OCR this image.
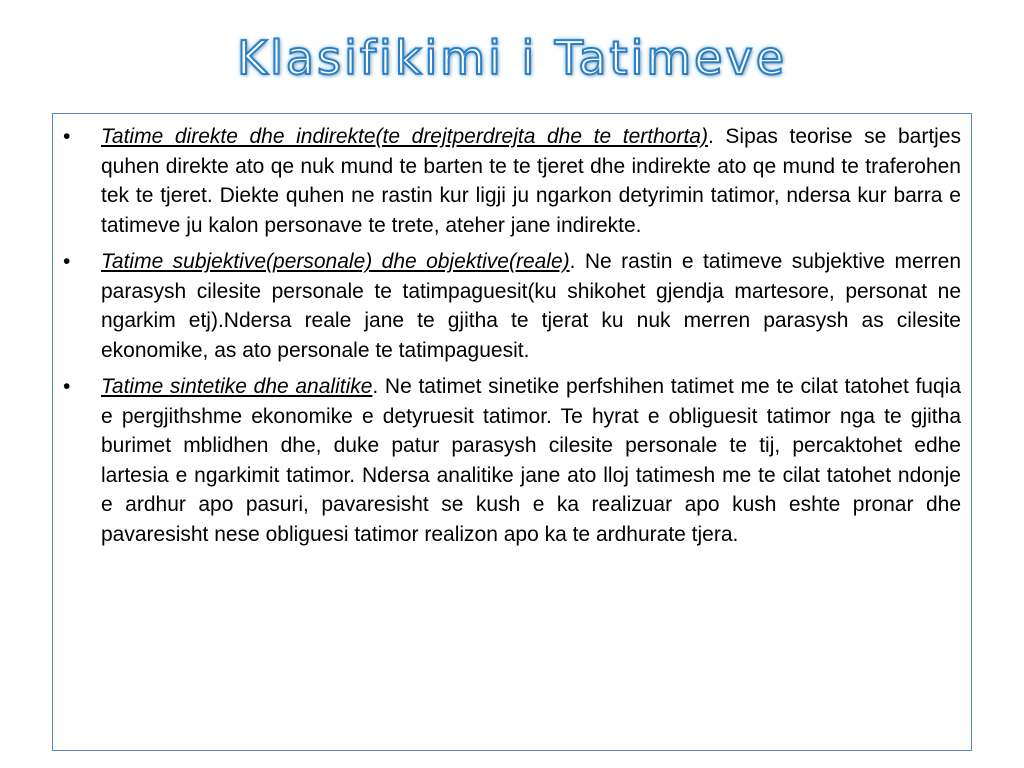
Klasifikimi i Tatimeve
• Tatime direkte dhe indirekte(te drejtperdrejta dhe te terthorta). Sipas teorise se bartjes quhen direkte ato qe nuk mund te barten te te tjeret dhe indirekte ato qe mund te traferohen tek te tjeret. Diekte quhen ne rastin kur ligji ju ngarkon detyrimin tatimor, ndersa kur barra e tatimeve ju kalon personave te trete, ateher jane indirekte.
• Tatime subjektive(personale) dhe objektive(reale). Ne rastin e tatimeve subjektive merren parasysh cilesite personale te tatimpaguesit(ku shikohet gjendja martesore, personat ne ngarkim etj).Ndersa reale jane te gjitha te tjerat ku nuk merren parasysh as cilesite ekonomike, as ato personale te tatimpaguesit.
• Tatime sintetike dhe analitike. Ne tatimet sinetike perfshihen tatimet me te cilat tatohet fuqia e pergjithshme ekonomike e detyruesit tatimor. Te hyrat e obliguesit tatimor nga te gjitha burimet mblidhen dhe, duke patur parasysh cilesite personale te tij, percaktohet edhe lartesia e ngarkimit tatimor. Ndersa analitike jane ato lloj tatimesh me te cilat tatohet ndonje e ardhur apo pasuri, pavaresisht se kush e ka realizuar apo kush eshte pronar dhe pavaresisht nese obliguesi tatimor realizon apo ka te ardhurate tjera.
